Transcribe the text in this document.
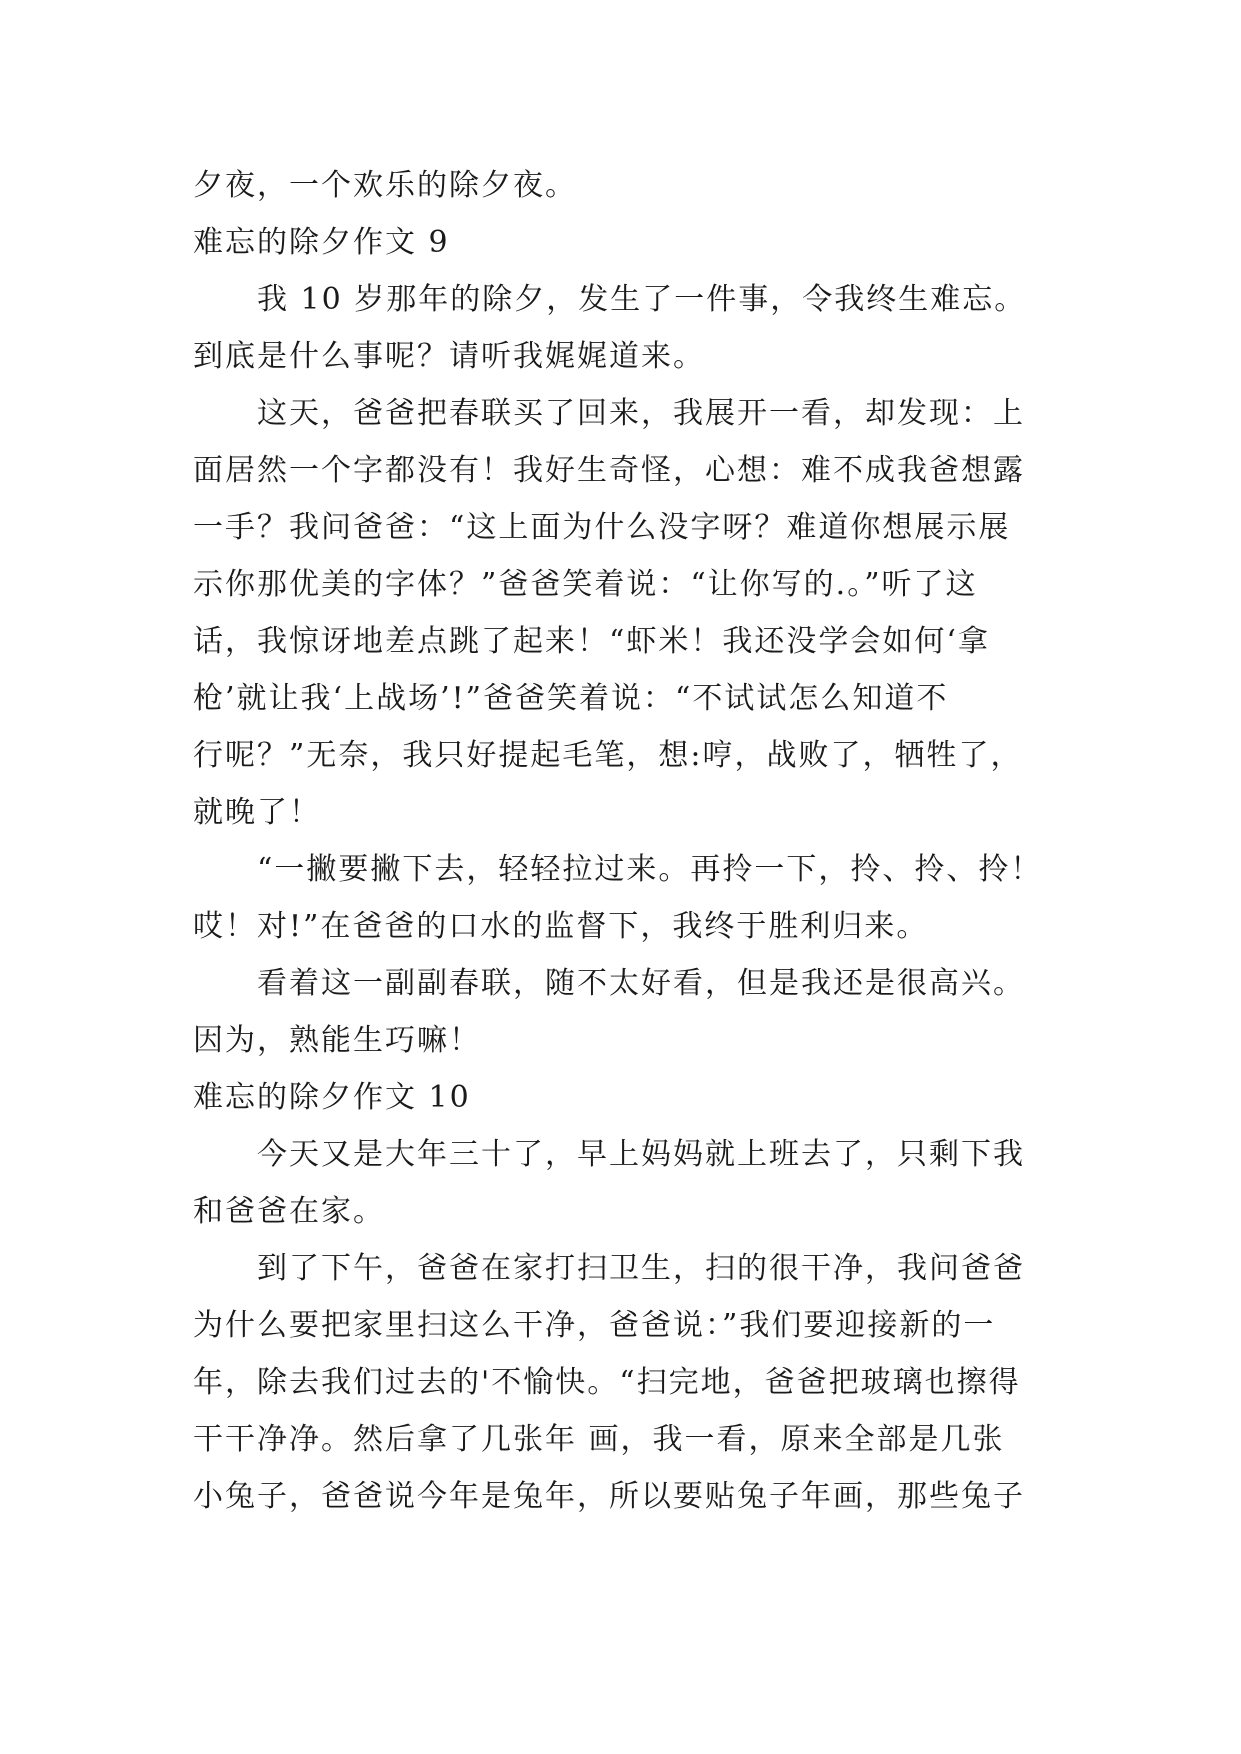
夕夜，一个欢乐的除夕夜。
难忘的除夕作文 9
我 10 岁那年的除夕，发生了一件事，令我终生难忘。
到底是什么事呢？请听我娓娓道来。
这天，爸爸把春联买了回来，我展开一看，却发现：上
面居然一个字都没有！我好生奇怪，心想：难不成我爸想露
一手？我问爸爸：“这上面为什么没字呀？难道你想展示展
示你那优美的字体？”爸爸笑着说：“让你写的.。”听了这
话，我惊讶地差点跳了起来！“虾米！我还没学会如何‘拿
枪’就让我‘上战场’!”爸爸笑着说：“不试试怎么知道不
行呢？”无奈，我只好提起毛笔，想:哼，战败了，牺牲了，
就晚了！
“一撇要撇下去，轻轻拉过来。再拎一下，拎、拎、拎！
哎！对!”在爸爸的口水的监督下，我终于胜利归来。
看着这一副副春联，随不太好看，但是我还是很高兴。
因为，熟能生巧嘛！
难忘的除夕作文 10
今天又是大年三十了，早上妈妈就上班去了，只剩下我
和爸爸在家。
到了下午，爸爸在家打扫卫生，扫的很干净，我问爸爸
为什么要把家里扫这么干净，爸爸说：”我们要迎接新的一
年，除去我们过去的'不愉快。“扫完地，爸爸把玻璃也擦得
干干净净。然后拿了几张年 画，我一看，原来全部是几张
小兔子，爸爸说今年是兔年，所以要贴兔子年画，那些兔子
